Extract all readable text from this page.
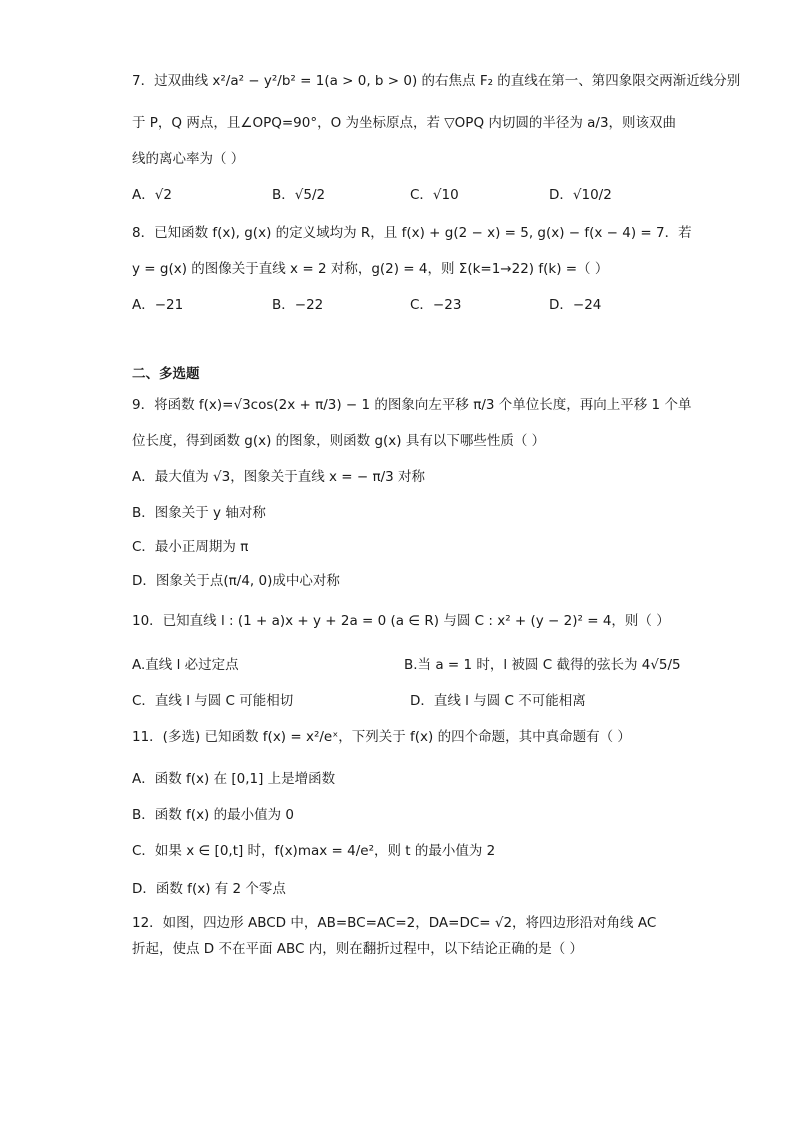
7．过双曲线 x²/a² − y²/b² = 1(a > 0, b > 0) 的右焦点 F₂ 的直线在第一、第四象限交两渐近线分别
于 P，Q 两点，且∠OPQ=90°，O 为坐标原点，若 ▽OPQ 内切圆的半径为 a/3，则该双曲
线的离心率为（ ）
A．√2	B．√5/2	C．√10	D．√10/2
8．已知函数 f(x), g(x) 的定义域均为 R，且 f(x) + g(2 − x) = 5, g(x) − f(x − 4) = 7．若
y = g(x) 的图像关于直线 x = 2 对称，g(2) = 4，则 Σ(k=1→22) f(k) =（ ）
A．−21	B．−22	C．−23	D．−24
二、多选题
9．将函数 f(x)=√3cos(2x + π/3) − 1 的图象向左平移 π/3 个单位长度，再向上平移 1 个单
位长度，得到函数 g(x) 的图象，则函数 g(x) 具有以下哪些性质（ ）
A．最大值为 √3，图象关于直线 x = − π/3 对称
B．图象关于 y 轴对称
C．最小正周期为 π
D．图象关于点(π/4, 0)成中心对称
10．已知直线 l : (1 + a)x + y + 2a = 0 (a ∈ R) 与圆 C : x² + (y − 2)² = 4，则（ ）
A.直线 l 必过定点	B.当 a = 1 时，l 被圆 C 截得的弦长为 4√5/5
C．直线 l 与圆 C 可能相切	D．直线 l 与圆 C 不可能相离
11．(多选) 已知函数 f(x) = x²/eˣ，下列关于 f(x) 的四个命题，其中真命题有（ ）
A．函数 f(x) 在 [0,1] 上是增函数
B．函数 f(x) 的最小值为 0
C．如果 x ∈ [0,t] 时，f(x)max = 4/e²，则 t 的最小值为 2
D．函数 f(x) 有 2 个零点
12．如图，四边形 ABCD 中，AB=BC=AC=2，DA=DC= √2，将四边形沿对角线 AC
折起，使点 D 不在平面 ABC 内，则在翻折过程中，以下结论正确的是（ ）
